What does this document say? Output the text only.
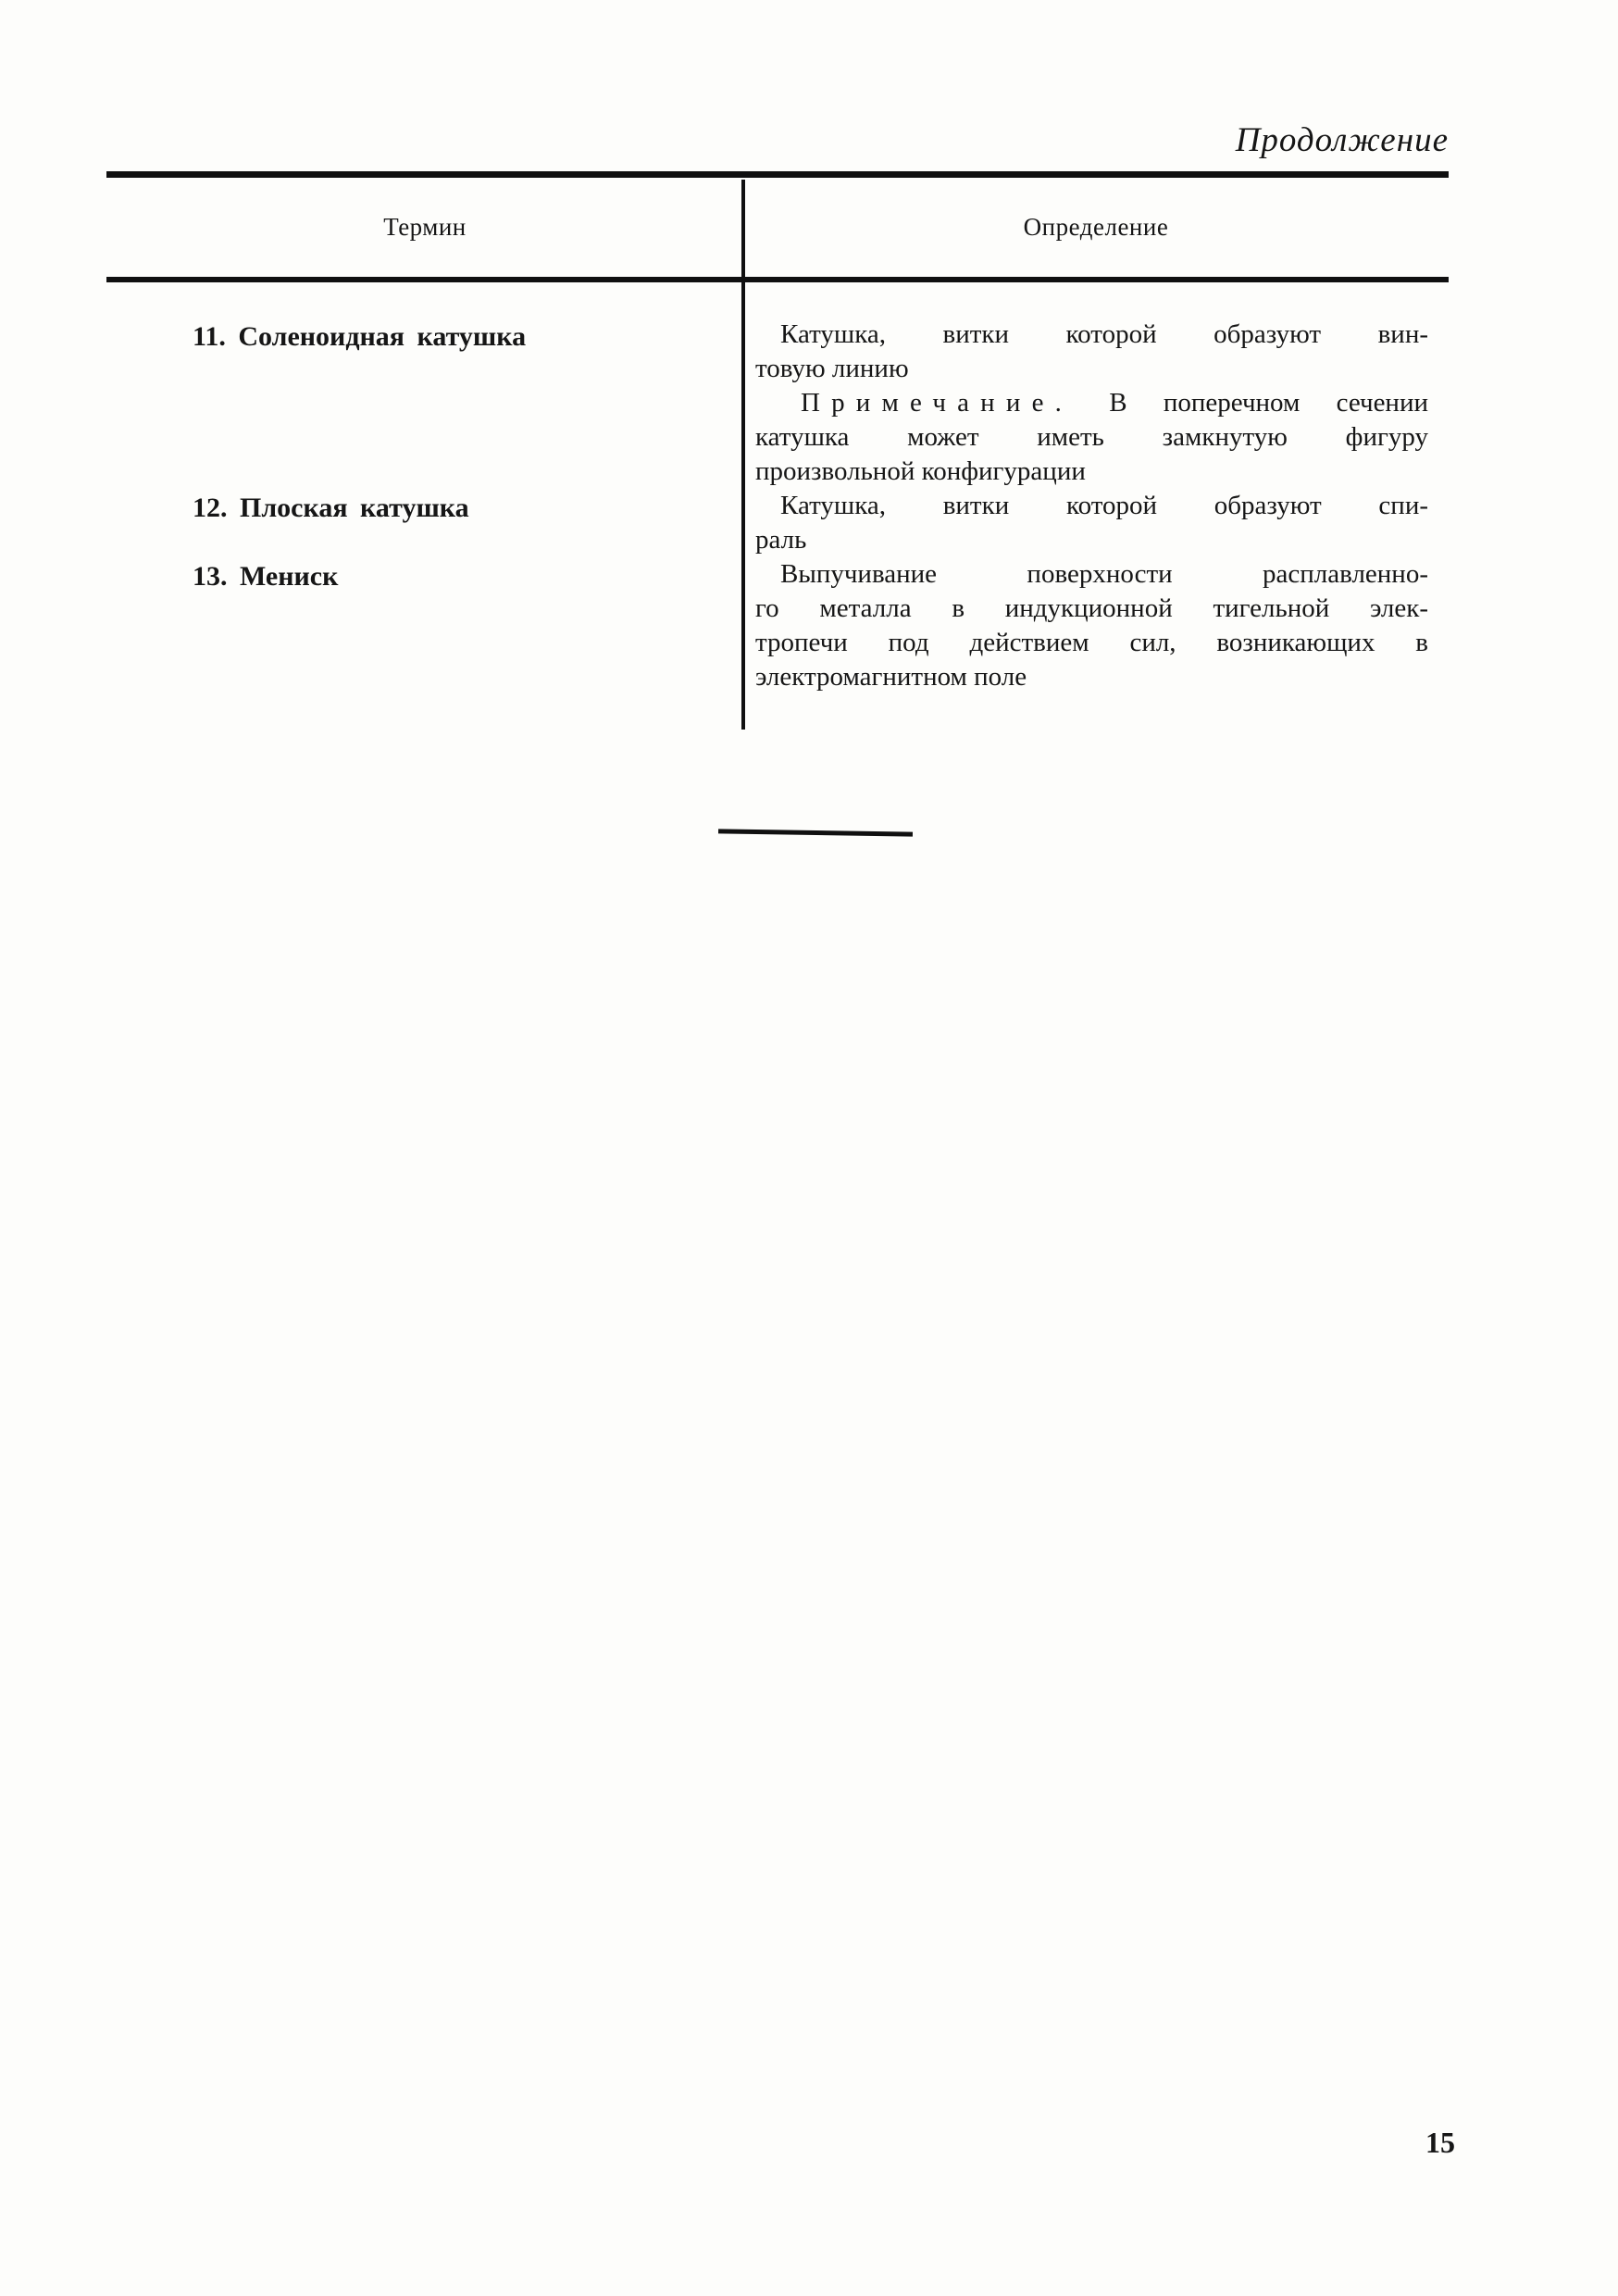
Продолжение
Термин	Определение
11. Соленоидная катушка
12. Плоская катушка
13. Мениск
Катушка, витки которой образуют вин-
товую линию
Примечание. В поперечном сечении
катушка может иметь замкнутую фигуру
произвольной конфигурации
Катушка, витки которой образуют спи-
раль
Выпучивание поверхности расплавленно-
го металла в индукционной тигельной элек-
тропечи под действием сил, возникающих в
электромагнитном поле
15
